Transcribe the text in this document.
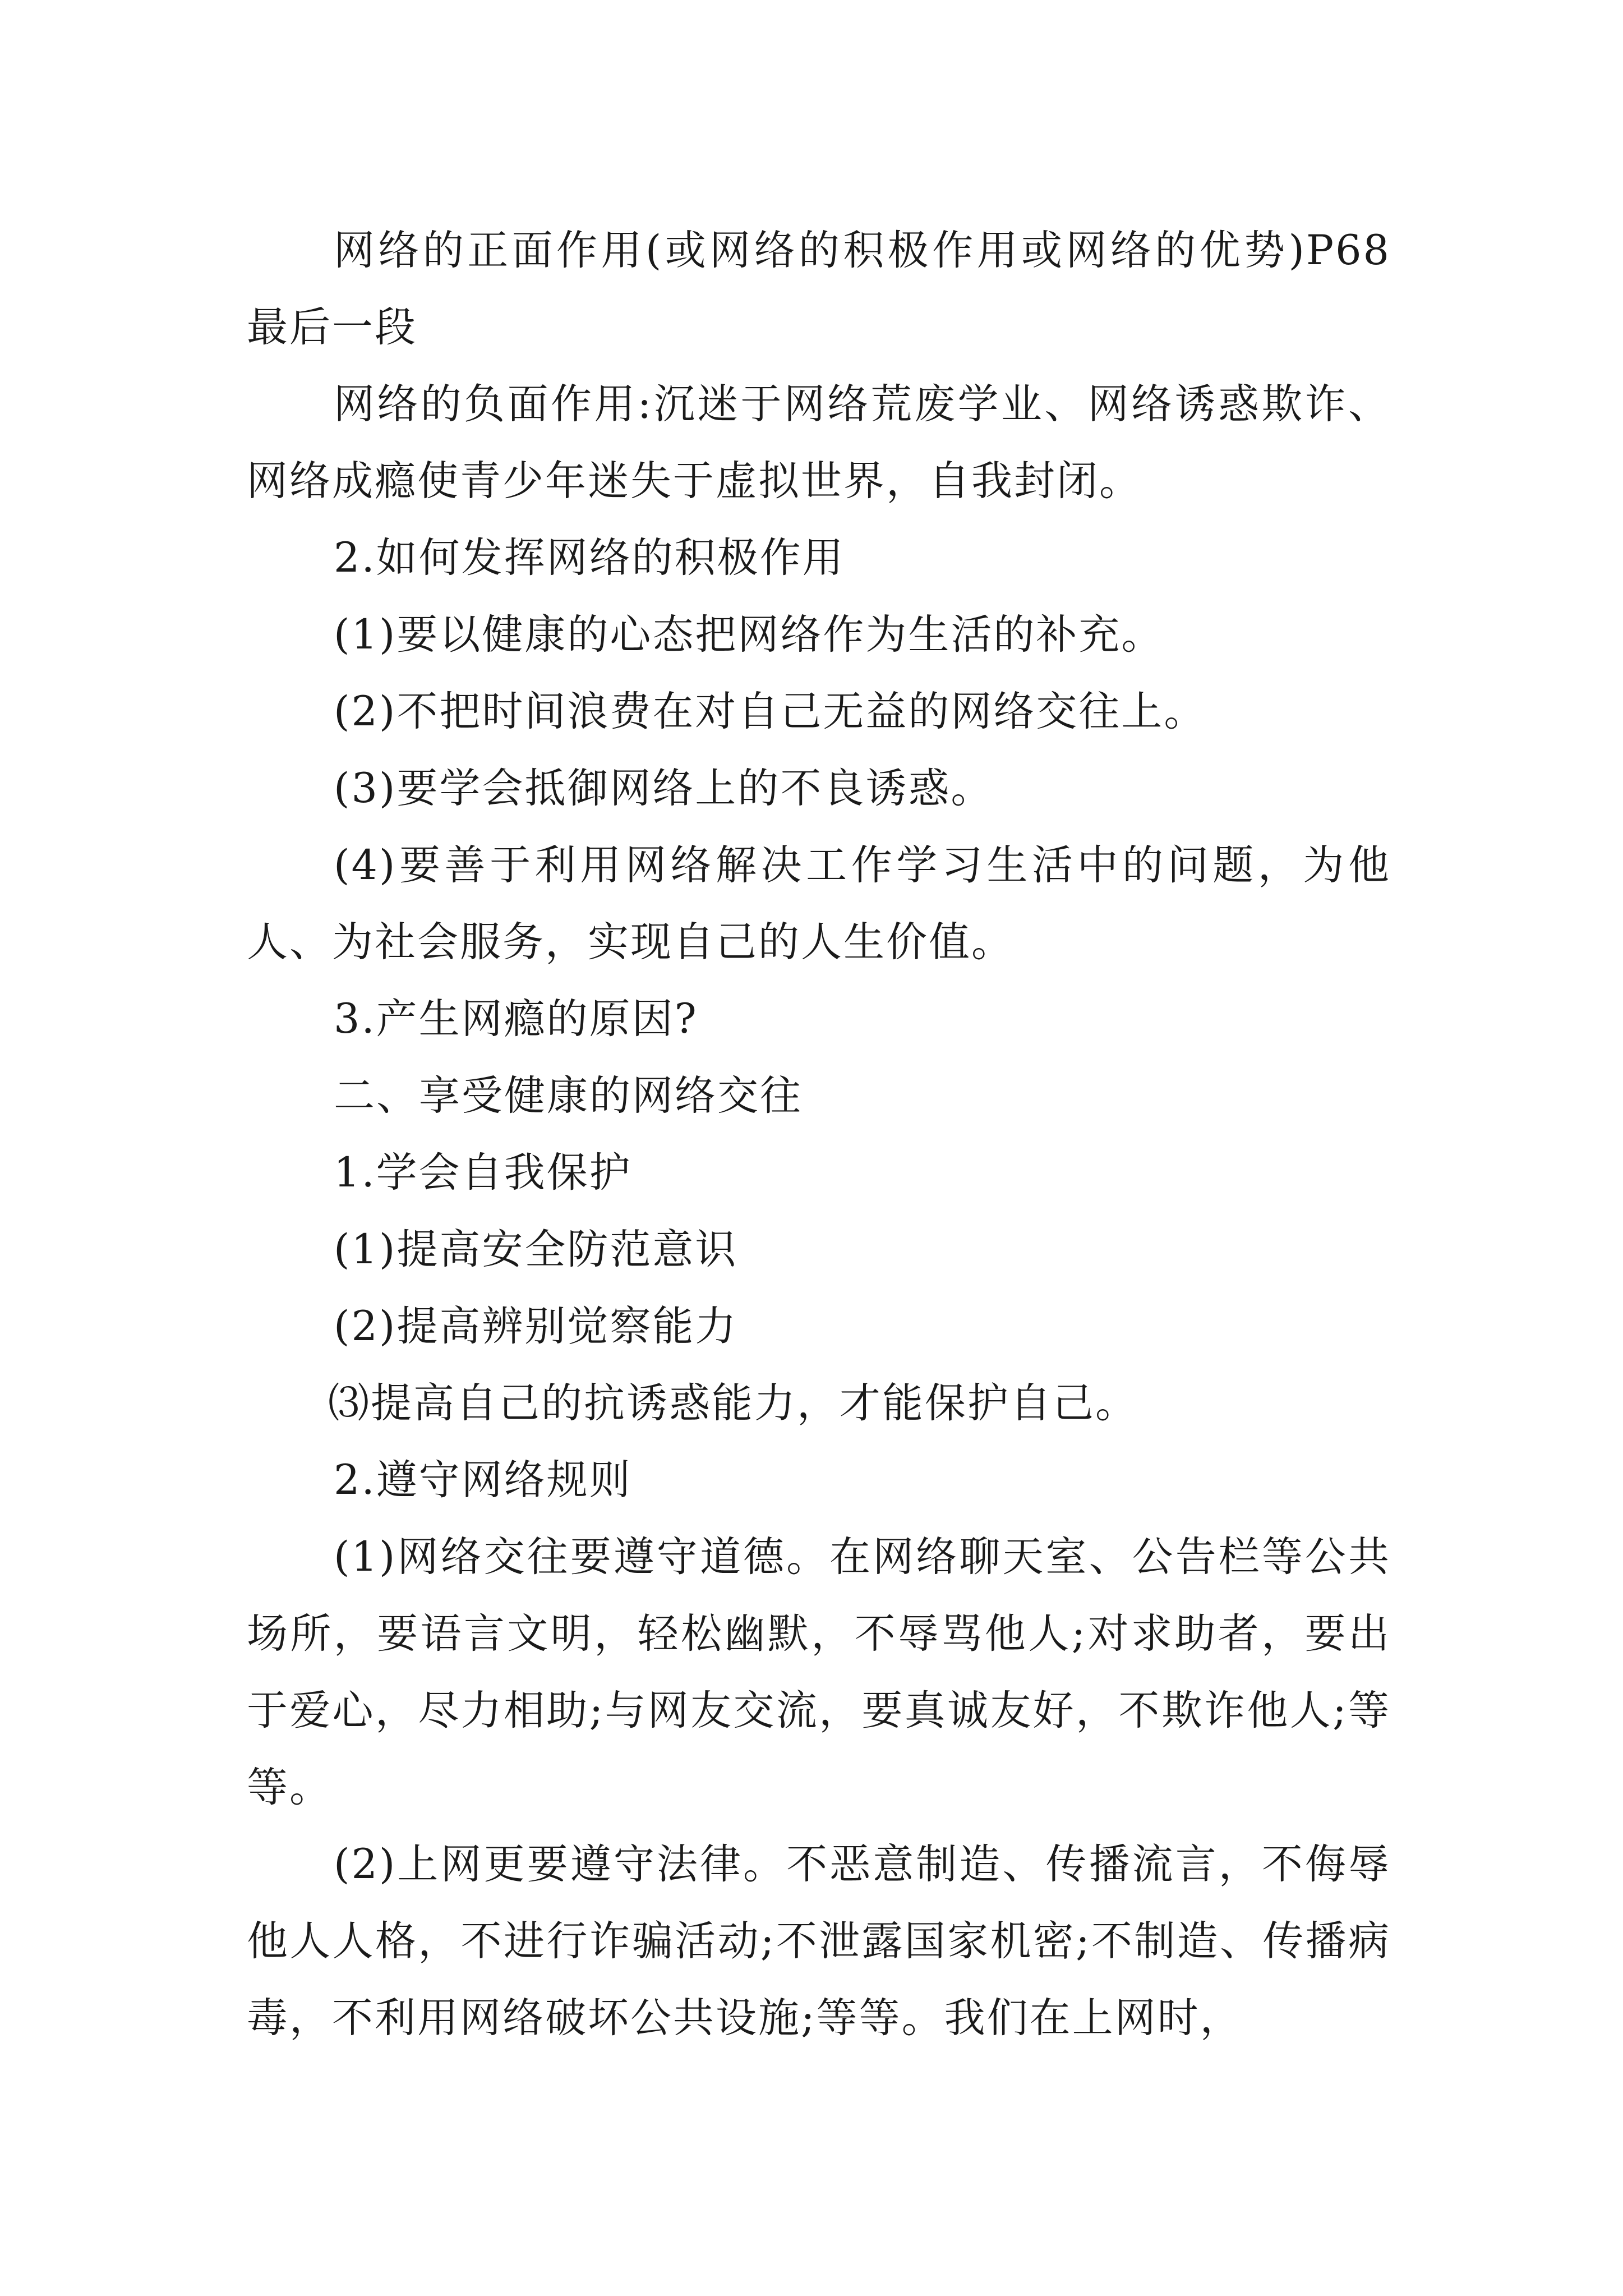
网络的正面作用(或网络的积极作用或网络的优势)P68最后一段

网络的负面作用:沉迷于网络荒废学业、网络诱惑欺诈、网络成瘾使青少年迷失于虚拟世界，自我封闭。

2.如何发挥网络的积极作用

(1)要以健康的心态把网络作为生活的补充。

(2)不把时间浪费在对自己无益的网络交往上。

(3)要学会抵御网络上的不良诱惑。

(4)要善于利用网络解决工作学习生活中的问题，为他人、为社会服务，实现自己的人生价值。

3.产生网瘾的原因?

二、享受健康的网络交往

1.学会自我保护

(1)提高安全防范意识

(2)提高辨别觉察能力

⑶提高自己的抗诱惑能力，才能保护自己。

2.遵守网络规则

(1)网络交往要遵守道德。在网络聊天室、公告栏等公共场所，要语言文明，轻松幽默，不辱骂他人;对求助者，要出于爱心，尽力相助;与网友交流，要真诚友好，不欺诈他人;等等。

(2)上网更要遵守法律。不恶意制造、传播流言，不侮辱他人人格，不进行诈骗活动;不泄露国家机密;不制造、传播病毒，不利用网络破坏公共设施;等等。我们在上网时，
